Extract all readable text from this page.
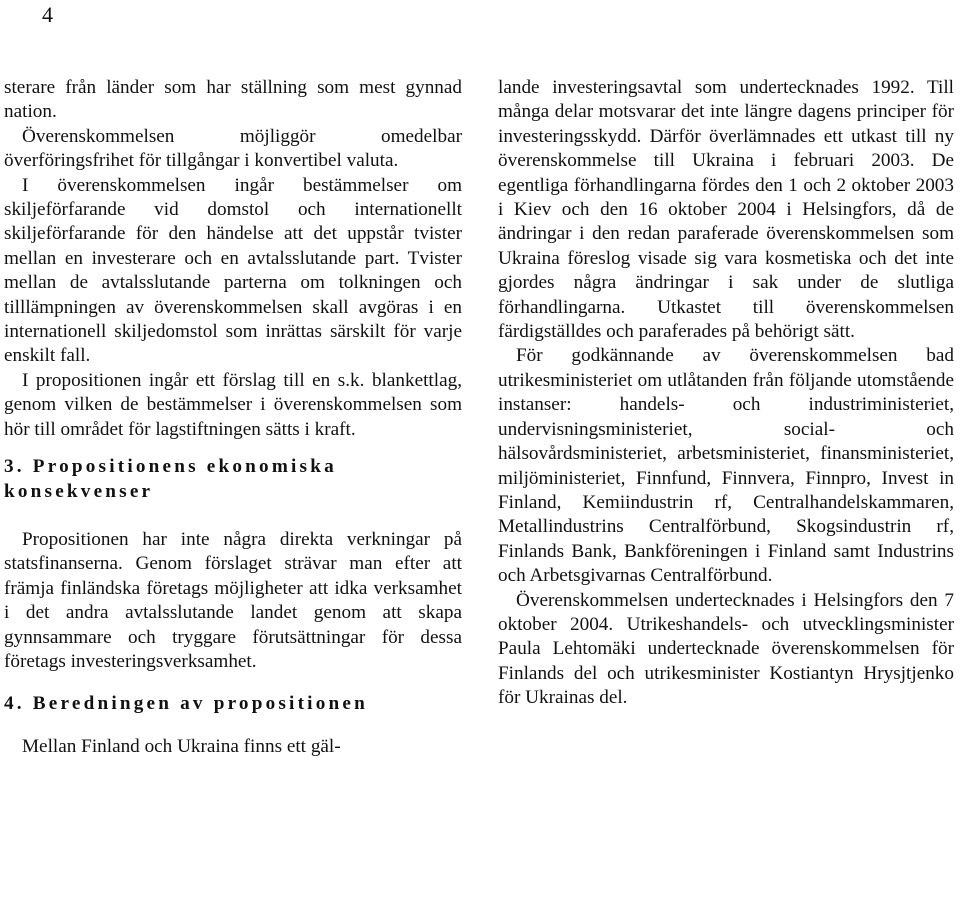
4

sterare från länder som har ställning som mest gynnad nation.

Överenskommelsen möjliggör omedelbar överföringsfrihet för tillgångar i konvertibel valuta.

I överenskommelsen ingår bestämmelser om skiljeförfarande vid domstol och internationellt skiljeförfarande för den händelse att det uppstår tvister mellan en investerare och en avtalsslutande part. Tvister mellan de avtalsslutande parterna om tolkningen och tilllämpningen av överenskommelsen skall avgöras i en internationell skiljedomstol som inrättas särskilt för varje enskilt fall.

I propositionen ingår ett förslag till en s.k. blankettlag, genom vilken de bestämmelser i överenskommelsen som hör till området för lagstiftningen sätts i kraft.

3. Propositionens ekonomiska konsekvenser

Propositionen har inte några direkta verkningar på statsfinanserna. Genom förslaget strävar man efter att främja finländska företags möjligheter att idka verksamhet i det andra avtalsslutande landet genom att skapa gynnsammare och tryggare förutsättningar för dessa företags investeringsverksamhet.

4. Beredningen av propositionen

Mellan Finland och Ukraina finns ett gäl-

lande investeringsavtal som undertecknades 1992. Till många delar motsvarar det inte längre dagens principer för investeringsskydd. Därför överlämnades ett utkast till ny överenskommelse till Ukraina i februari 2003. De egentliga förhandlingarna fördes den 1 och 2 oktober 2003 i Kiev och den 16 oktober 2004 i Helsingfors, då de ändringar i den redan paraferade överenskommelsen som Ukraina föreslog visade sig vara kosmetiska och det inte gjordes några ändringar i sak under de slutliga förhandlingarna. Utkastet till överenskommelsen färdigställdes och paraferades på behörigt sätt.

För godkännande av överenskommelsen bad utrikesministeriet om utlåtanden från följande utomstående instanser: handels- och industriministeriet, undervisningsministeriet, social- och hälsovårdsministeriet, arbetsministeriet, finansministeriet, miljöministeriet, Finnfund, Finnvera, Finnpro, Invest in Finland, Kemiindustrin rf, Centralhandelskammaren, Metallindustrins Centralförbund, Skogsindustrin rf, Finlands Bank, Bankföreningen i Finland samt Industrins och Arbetsgivarnas Centralförbund.

Överenskommelsen undertecknades i Helsingfors den 7 oktober 2004. Utrikeshandels- och utvecklingsminister Paula Lehtomäki undertecknade överenskommelsen för Finlands del och utrikesminister Kostiantyn Hrysjtjenko för Ukrainas del.
